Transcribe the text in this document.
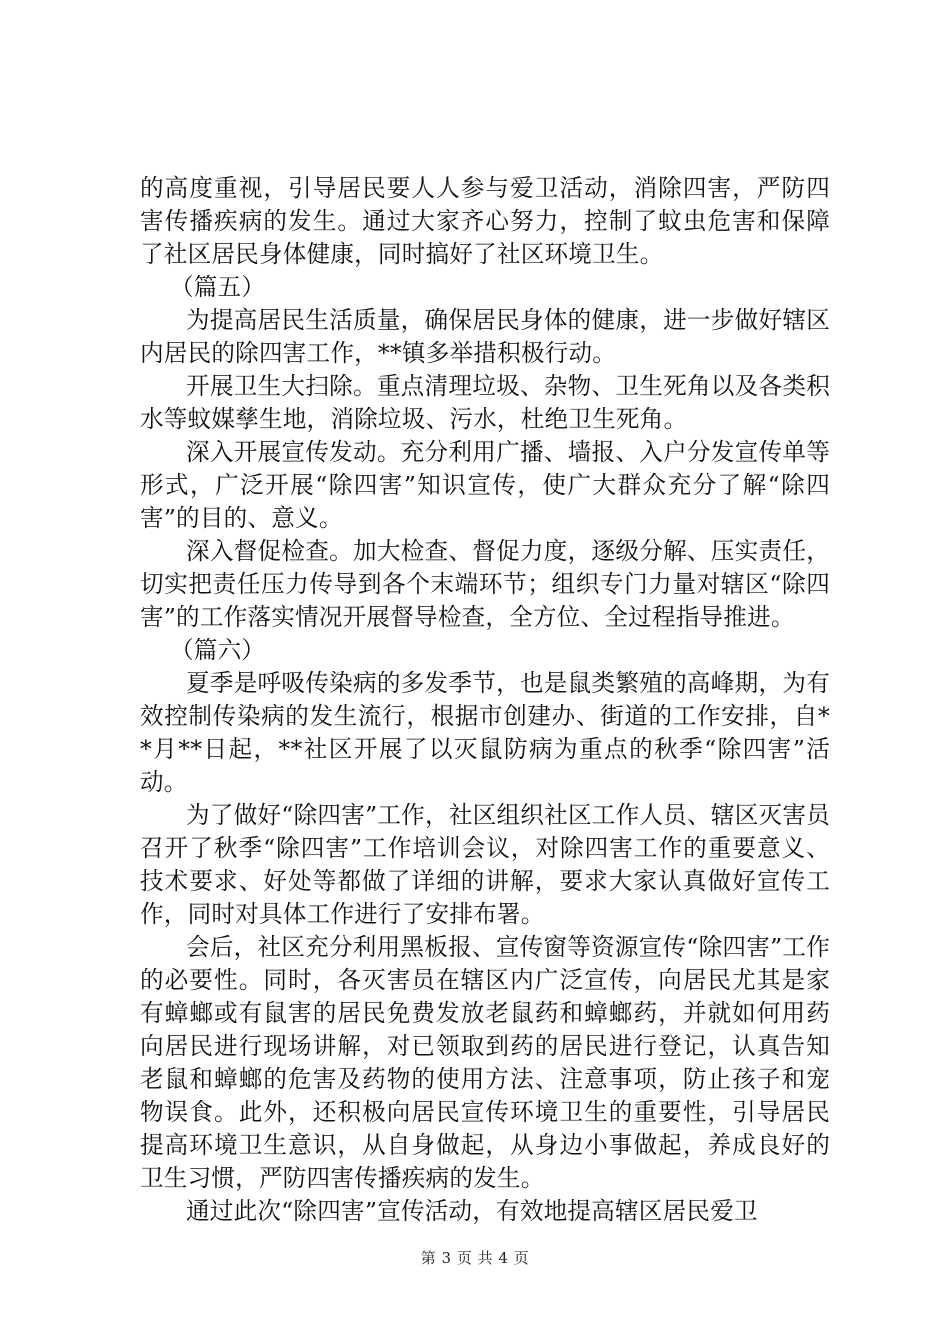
的高度重视，引导居民要人人参与爱卫活动，消除四害，严防四害传播疾病的发生。通过大家齐心努力，控制了蚊虫危害和保障了社区居民身体健康，同时搞好了社区环境卫生。

（篇五）

为提高居民生活质量，确保居民身体的健康，进一步做好辖区内居民的除四害工作，**镇多举措积极行动。

开展卫生大扫除。重点清理垃圾、杂物、卫生死角以及各类积水等蚊媒孳生地，消除垃圾、污水，杜绝卫生死角。

深入开展宣传发动。充分利用广播、墙报、入户分发宣传单等形式，广泛开展“除四害”知识宣传，使广大群众充分了解“除四害”的目的、意义。

深入督促检查。加大检查、督促力度，逐级分解、压实责任，切实把责任压力传导到各个末端环节；组织专门力量对辖区“除四害”的工作落实情况开展督导检查，全方位、全过程指导推进。

（篇六）

夏季是呼吸传染病的多发季节，也是鼠类繁殖的高峰期，为有效控制传染病的发生流行，根据市创建办、街道的工作安排，自**月**日起，**社区开展了以灭鼠防病为重点的秋季“除四害”活动。

为了做好“除四害”工作，社区组织社区工作人员、辖区灭害员召开了秋季“除四害”工作培训会议，对除四害工作的重要意义、技术要求、好处等都做了详细的讲解，要求大家认真做好宣传工作，同时对具体工作进行了安排布署。

会后，社区充分利用黑板报、宣传窗等资源宣传“除四害”工作的必要性。同时，各灭害员在辖区内广泛宣传，向居民尤其是家有蟑螂或有鼠害的居民免费发放老鼠药和蟑螂药，并就如何用药向居民进行现场讲解，对已领取到药的居民进行登记，认真告知老鼠和蟑螂的危害及药物的使用方法、注意事项，防止孩子和宠物误食。此外，还积极向居民宣传环境卫生的重要性，引导居民提高环境卫生意识，从自身做起，从身边小事做起，养成良好的卫生习惯，严防四害传播疾病的发生。

通过此次“除四害”宣传活动，有效地提高辖区居民爱卫

第 3 页 共 4 页
